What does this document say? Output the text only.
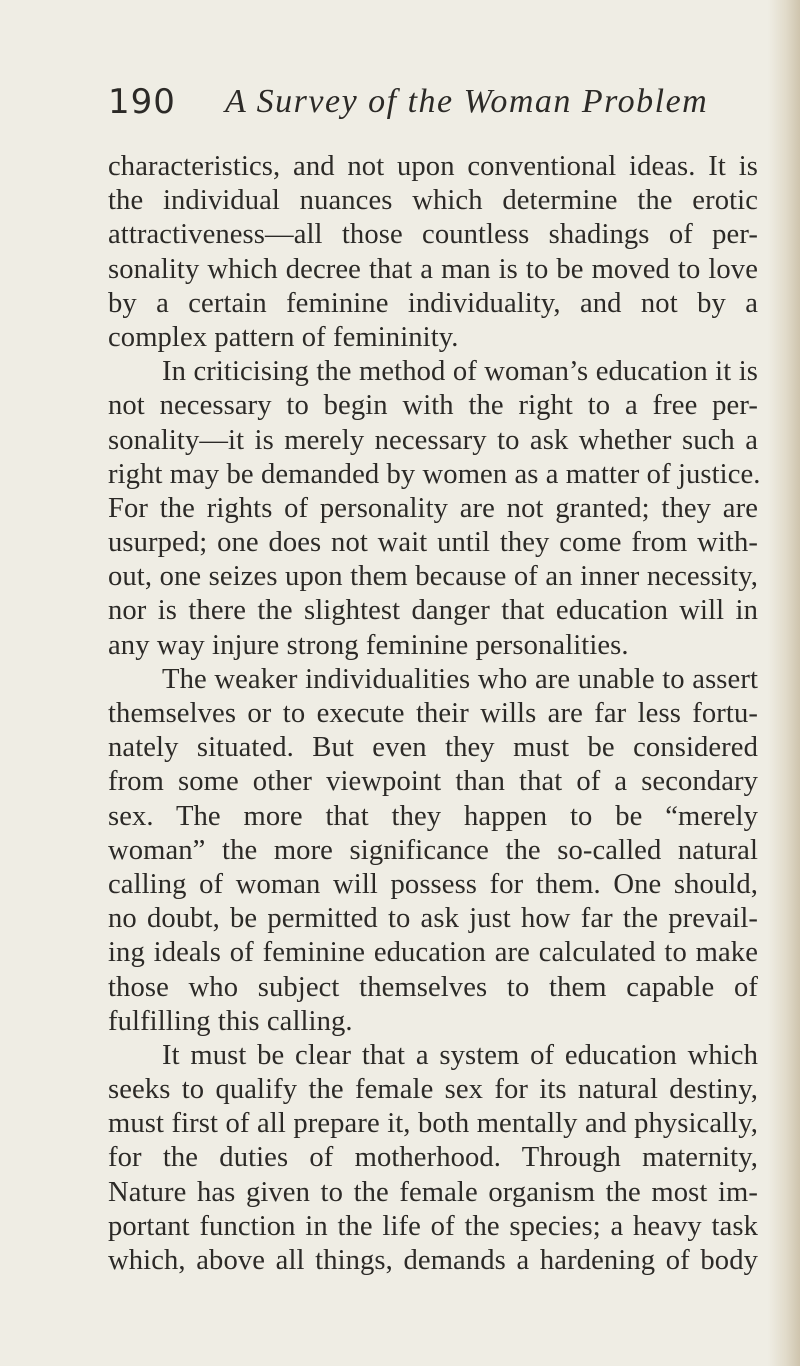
190 A Survey of the Woman Problem
characteristics, and not upon conventional ideas. It is
the individual nuances which determine the erotic
attractiveness—all those countless shadings of per-
sonality which decree that a man is to be moved to love
by a certain feminine individuality, and not by a
complex pattern of femininity.
In criticising the method of woman’s education it is
not necessary to begin with the right to a free per-
sonality—it is merely necessary to ask whether such a
right may be demanded by women as a matter of justice.
For the rights of personality are not granted; they are
usurped; one does not wait until they come from with-
out, one seizes upon them because of an inner necessity,
nor is there the slightest danger that education will in
any way injure strong feminine personalities.
The weaker individualities who are unable to assert
themselves or to execute their wills are far less fortu-
nately situated. But even they must be considered
from some other viewpoint than that of a secondary
sex. The more that they happen to be “merely
woman” the more significance the so-called natural
calling of woman will possess for them. One should,
no doubt, be permitted to ask just how far the prevail-
ing ideals of feminine education are calculated to make
those who subject themselves to them capable of
fulfilling this calling.
It must be clear that a system of education which
seeks to qualify the female sex for its natural destiny,
must first of all prepare it, both mentally and physically,
for the duties of motherhood. Through maternity,
Nature has given to the female organism the most im-
portant function in the life of the species; a heavy task
which, above all things, demands a hardening of body
